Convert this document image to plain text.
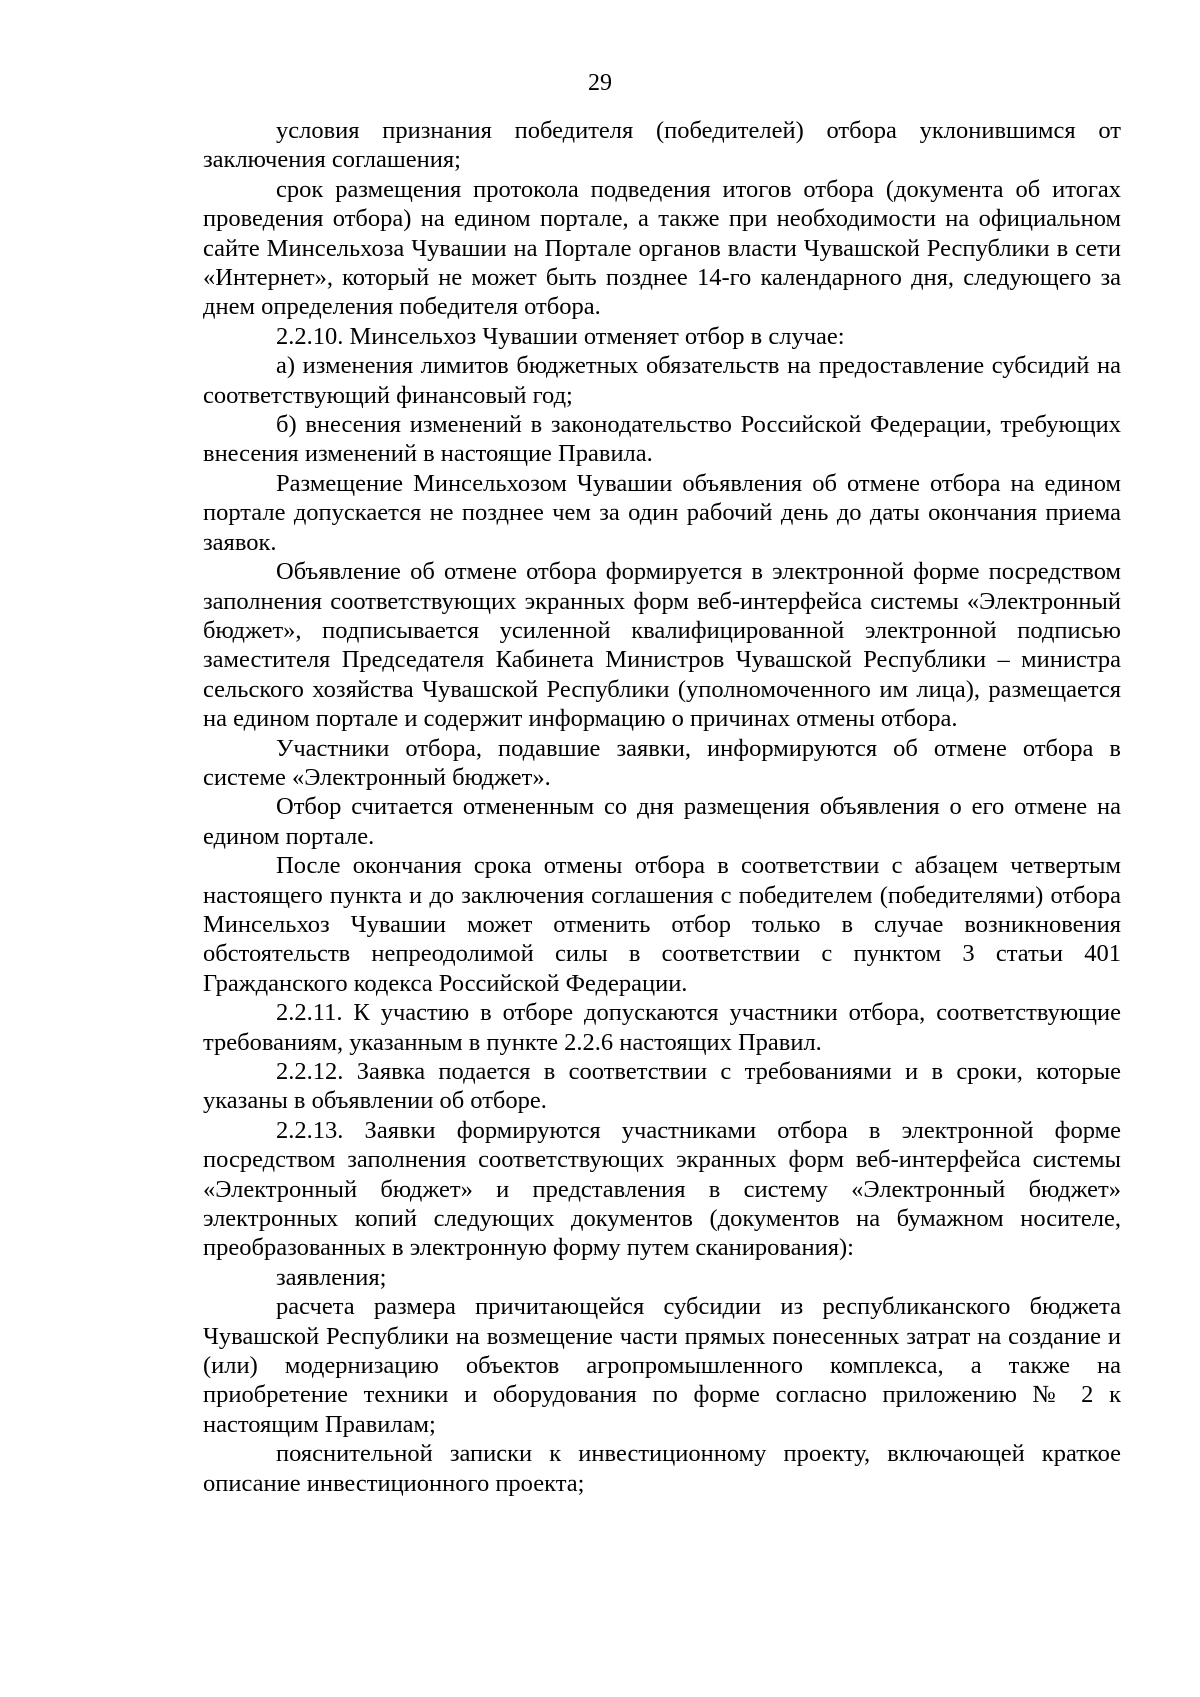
29

условия признания победителя (победителей) отбора уклонившимся от заключения соглашения;

срок размещения протокола подведения итогов отбора (документа об итогах проведения отбора) на едином портале, а также при необходимости на официальном сайте Минсельхоза Чувашии на Портале органов власти Чувашской Республики в сети «Интернет», который не может быть позднее 14-го календарного дня, следующего за днем определения победителя отбора.

2.2.10. Минсельхоз Чувашии отменяет отбор в случае:

а) изменения лимитов бюджетных обязательств на предоставление субсидий на соответствующий финансовый год;

б) внесения изменений в законодательство Российской Федерации, требующих внесения изменений в настоящие Правила.

Размещение Минсельхозом Чувашии объявления об отмене отбора на едином портале допускается не позднее чем за один рабочий день до даты окончания приема заявок.

Объявление об отмене отбора формируется в электронной форме посредством заполнения соответствующих экранных форм веб-интерфейса системы «Электронный бюджет», подписывается усиленной квалифицированной электронной подписью заместителя Председателя Кабинета Министров Чувашской Республики – министра сельского хозяйства Чувашской Республики (уполномоченного им лица), размещается на едином портале и содержит информацию о причинах отмены отбора.

Участники отбора, подавшие заявки, информируются об отмене отбора в системе «Электронный бюджет».

Отбор считается отмененным со дня размещения объявления о его отмене на едином портале.

После окончания срока отмены отбора в соответствии с абзацем четвертым настоящего пункта и до заключения соглашения с победителем (победителями) отбора Минсельхоз Чувашии может отменить отбор только в случае возникновения обстоятельств непреодолимой силы в соответствии с пунктом 3 статьи 401 Гражданского кодекса Российской Федерации.

2.2.11. К участию в отборе допускаются участники отбора, соответствующие требованиям, указанным в пункте 2.2.6 настоящих Правил.

2.2.12. Заявка подается в соответствии с требованиями и в сроки, которые указаны в объявлении об отборе.

2.2.13. Заявки формируются участниками отбора в электронной форме посредством заполнения соответствующих экранных форм веб-интерфейса системы «Электронный бюджет» и представления в систему «Электронный бюджет» электронных копий следующих документов (документов на бумажном носителе, преобразованных в электронную форму путем сканирования):

заявления;

расчета размера причитающейся субсидии из республиканского бюджета Чувашской Республики на возмещение части прямых понесенных затрат на создание и (или) модернизацию объектов агропромышленного комплекса, а также на приобретение техники и оборудования по форме согласно приложению № 2 к настоящим Правилам;

пояснительной записки к инвестиционному проекту, включающей краткое описание инвестиционного проекта;
